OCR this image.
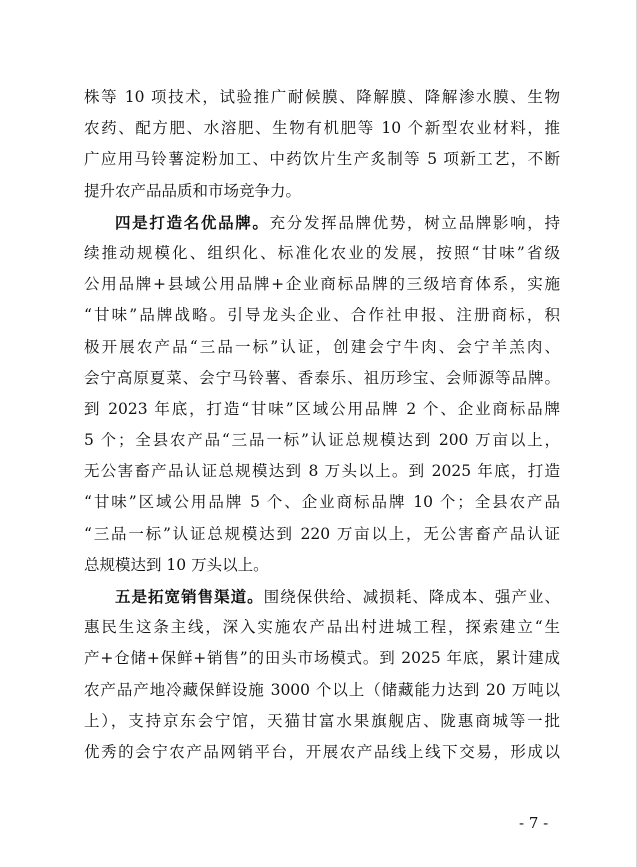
株等 10 项技术，试验推广耐候膜、降解膜、降解渗水膜、生物
农药、配方肥、水溶肥、生物有机肥等 10 个新型农业材料，推
广应用马铃薯淀粉加工、中药饮片生产炙制等 5 项新工艺，不断
提升农产品品质和市场竞争力。
四是打造名优品牌。充分发挥品牌优势，树立品牌影响，持
续推动规模化、组织化、标准化农业的发展，按照“甘味”省级
公用品牌+县域公用品牌+企业商标品牌的三级培育体系，实施
“甘味”品牌战略。引导龙头企业、合作社申报、注册商标，积
极开展农产品“三品一标”认证，创建会宁牛肉、会宁羊羔肉、
会宁高原夏菜、会宁马铃薯、香泰乐、祖历珍宝、会师源等品牌。
到 2023 年底，打造“甘味”区域公用品牌 2 个、企业商标品牌
5 个；全县农产品“三品一标”认证总规模达到 200 万亩以上，
无公害畜产品认证总规模达到 8 万头以上。到 2025 年底，打造
“甘味”区域公用品牌 5 个、企业商标品牌 10 个；全县农产品
“三品一标”认证总规模达到 220 万亩以上，无公害畜产品认证
总规模达到 10 万头以上。
五是拓宽销售渠道。围绕保供给、减损耗、降成本、强产业、
惠民生这条主线，深入实施农产品出村进城工程，探索建立“生
产+仓储+保鲜+销售”的田头市场模式。到 2025 年底，累计建成
农产品产地冷藏保鲜设施 3000 个以上（储藏能力达到 20 万吨以
上），支持京东会宁馆，天猫甘富水果旗舰店、陇惠商城等一批
优秀的会宁农产品网销平台，开展农产品线上线下交易，形成以
- 7 -
